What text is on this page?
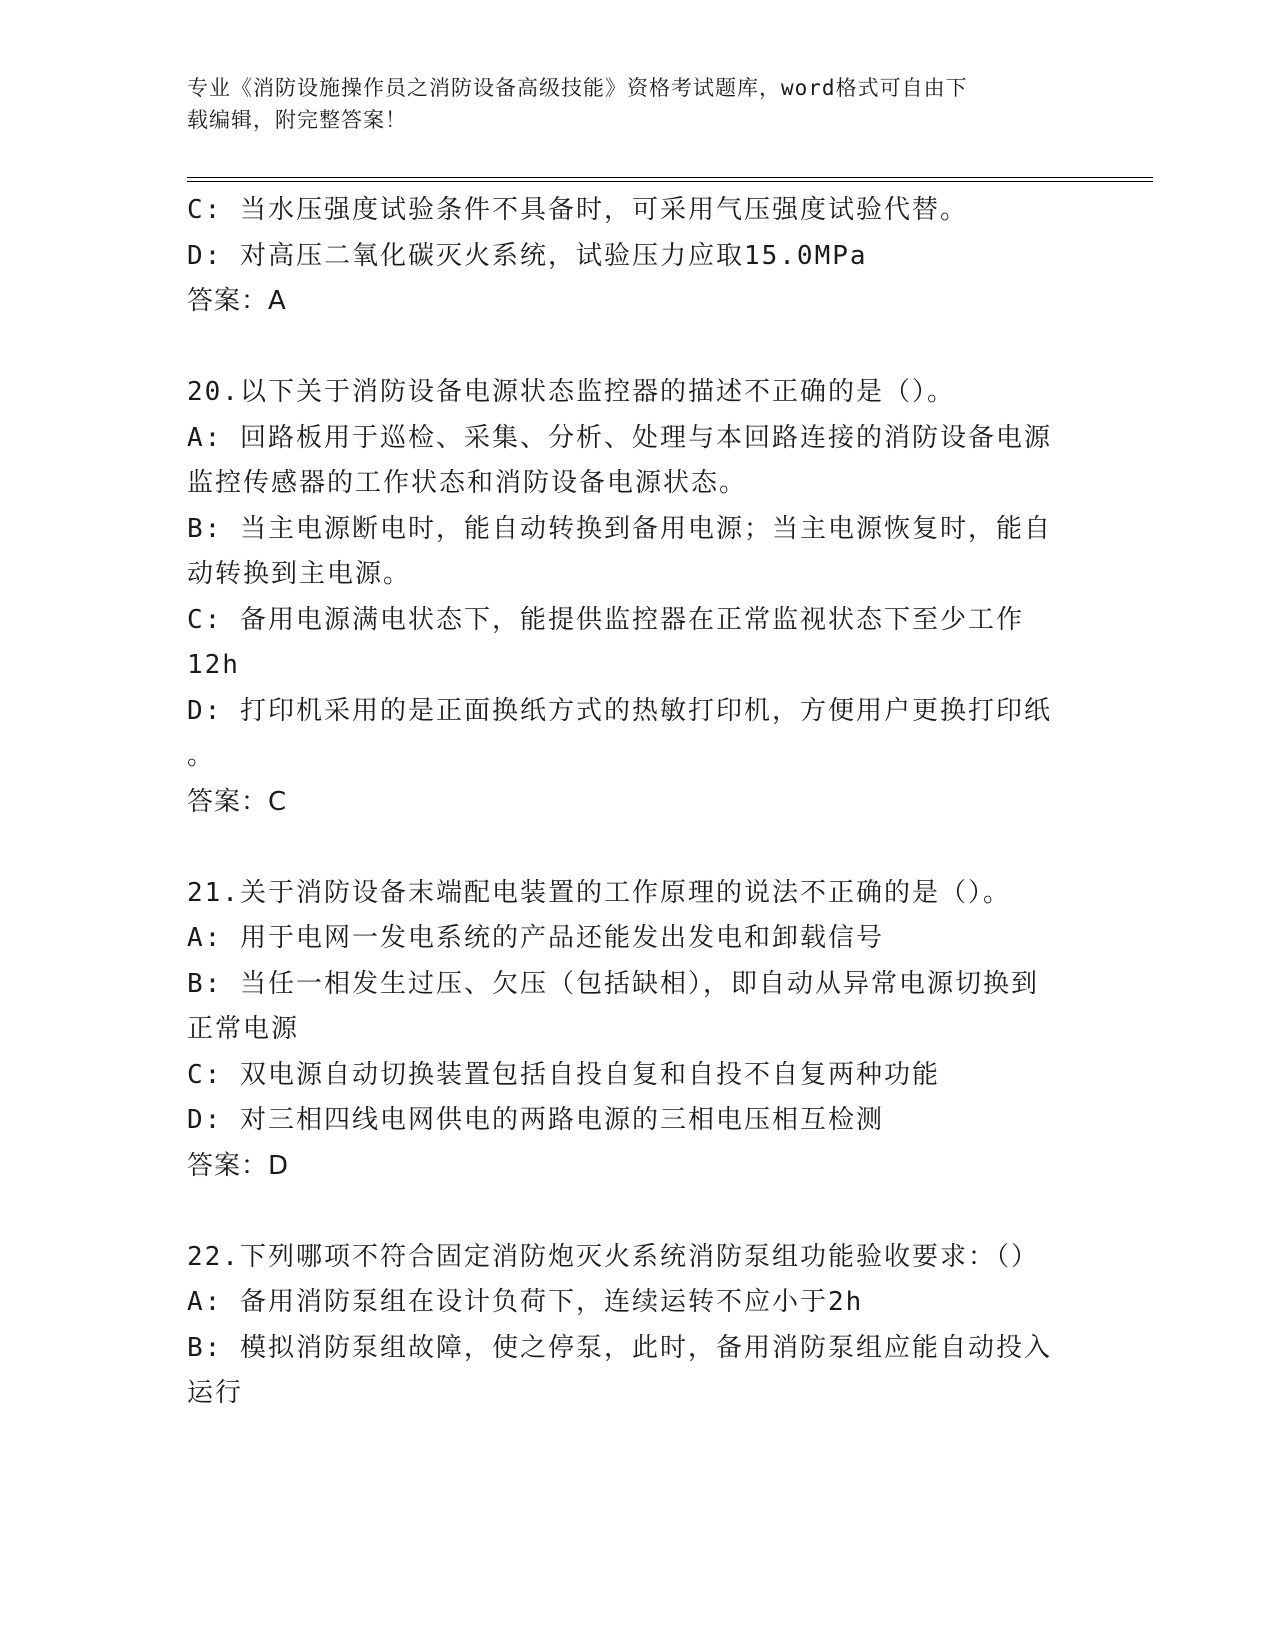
专业《消防设施操作员之消防设备高级技能》资格考试题库，word格式可自由下
载编辑，附完整答案！
C: 当水压强度试验条件不具备时，可采用气压强度试验代替。
D: 对高压二氧化碳灭火系统，试验压力应取15.0MPa
答案：A
20.以下关于消防设备电源状态监控器的描述不正确的是（）。
A: 回路板用于巡检、采集、分析、处理与本回路连接的消防设备电源
监控传感器的工作状态和消防设备电源状态。
B: 当主电源断电时，能自动转换到备用电源；当主电源恢复时，能自
动转换到主电源。
C: 备用电源满电状态下，能提供监控器在正常监视状态下至少工作
12h
D: 打印机采用的是正面换纸方式的热敏打印机，方便用户更换打印纸
。
答案：C
21.关于消防设备末端配电装置的工作原理的说法不正确的是（）。
A: 用于电网一发电系统的产品还能发出发电和卸载信号
B: 当任一相发生过压、欠压（包括缺相），即自动从异常电源切换到
正常电源
C: 双电源自动切换装置包括自投自复和自投不自复两种功能
D: 对三相四线电网供电的两路电源的三相电压相互检测
答案：D
22.下列哪项不符合固定消防炮灭火系统消防泵组功能验收要求：（）
A: 备用消防泵组在设计负荷下，连续运转不应小于2h
B: 模拟消防泵组故障，使之停泵，此时，备用消防泵组应能自动投入
运行
